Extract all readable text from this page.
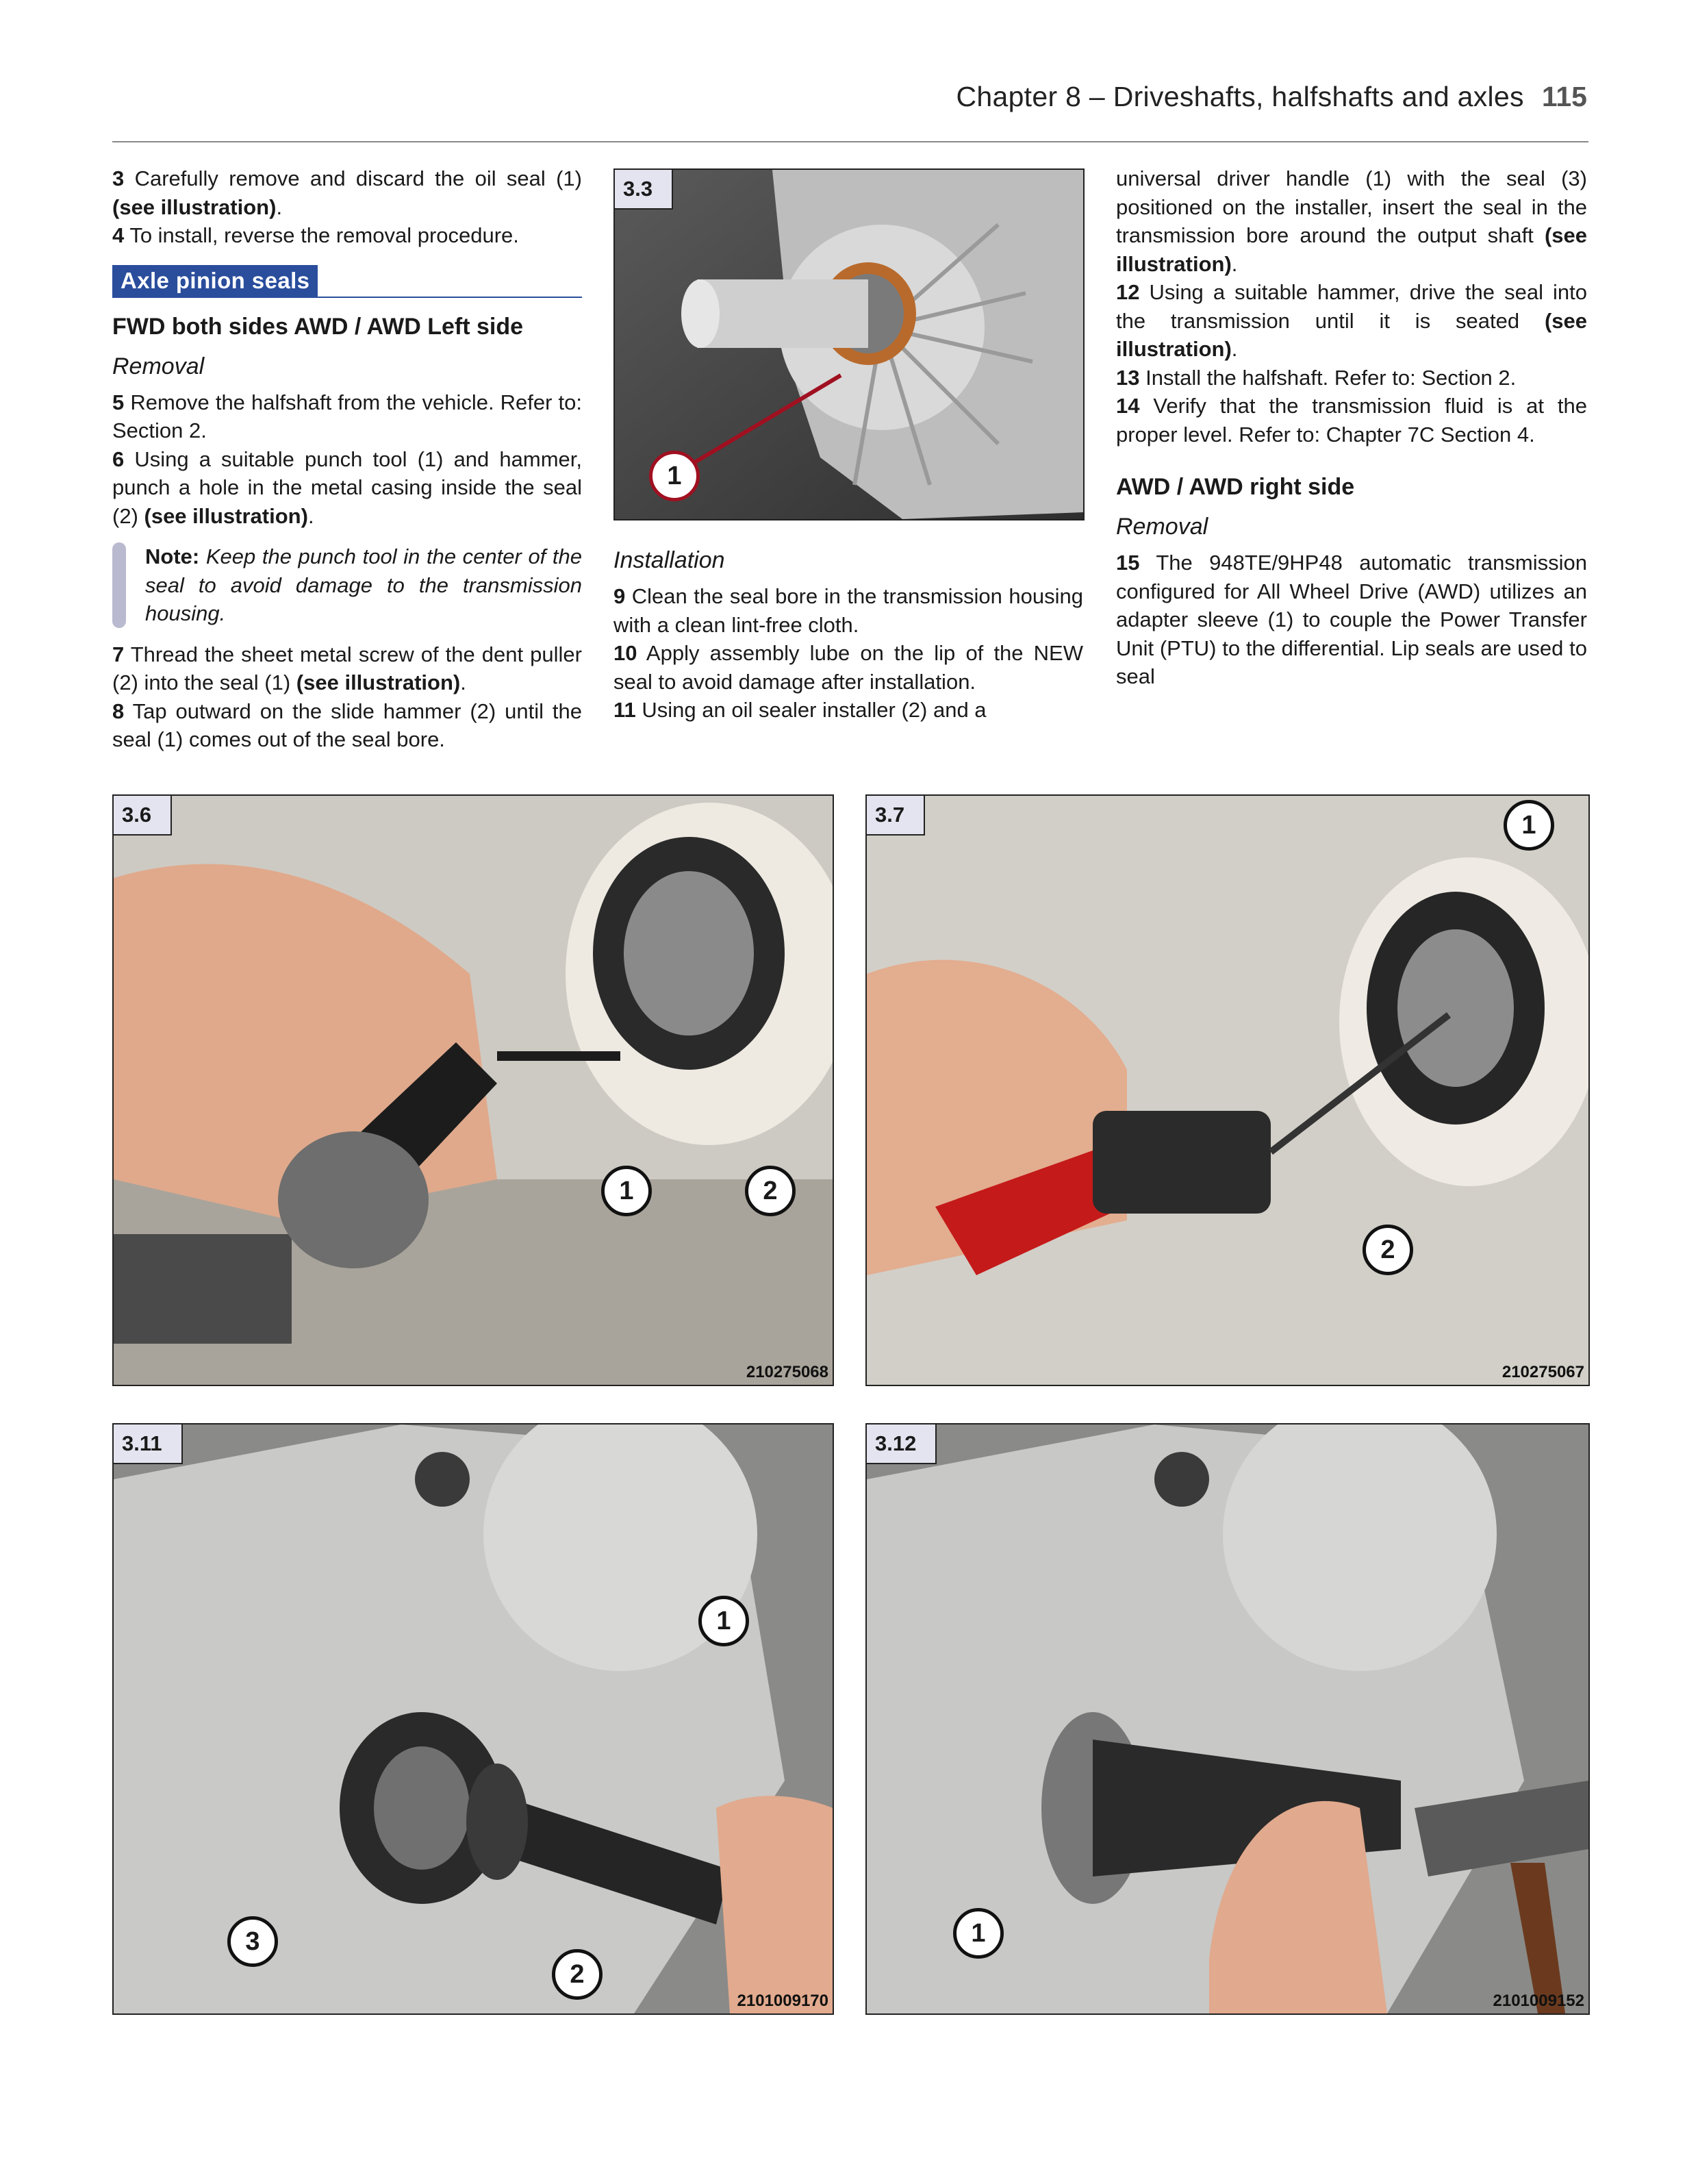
Chapter 8 – Driveshafts, halfshafts and axles 115

3 Carefully remove and discard the oil seal (1) (see illustration).

4 To install, reverse the removal procedure.

Axle pinion seals
FWD both sides AWD / AWD Left side
Removal

5 Remove the halfshaft from the vehicle. Refer to: Section 2.

6 Using a suitable punch tool (1) and hammer, punch a hole in the metal casing inside the seal (2) (see illustration).

Note: Keep the punch tool in the center of the seal to avoid damage to the transmission housing.

7 Thread the sheet metal screw of the dent puller (2) into the seal (1) (see illustration).

8 Tap outward on the slide hammer (2) until the seal (1) comes out of the seal bore.

3.3
1
Installation

9 Clean the seal bore in the transmission housing with a clean lint-free cloth.

10 Apply assembly lube on the lip of the NEW seal to avoid damage after installation.

11 Using an oil sealer installer (2) and a

universal driver handle (1) with the seal (3) positioned on the installer, insert the seal in the transmission bore around the output shaft (see illustration).

12 Using a suitable hammer, drive the seal into the transmission until it is seated (see illustration).

13 Install the halfshaft. Refer to: Section 2.

14 Verify that the transmission fluid is at the proper level. Refer to: Chapter 7C Section 4.

AWD / AWD right side
Removal

15 The 948TE/9HP48 automatic transmission configured for All Wheel Drive (AWD) utilizes an adapter sleeve (1) to couple the Power Transfer Unit (PTU) to the differential. Lip seals are used to seal

3.6
1	2
210275068
3.7	1
2
210275067
3.11
1
2
3
2101009170
3.12
1
2101009152
